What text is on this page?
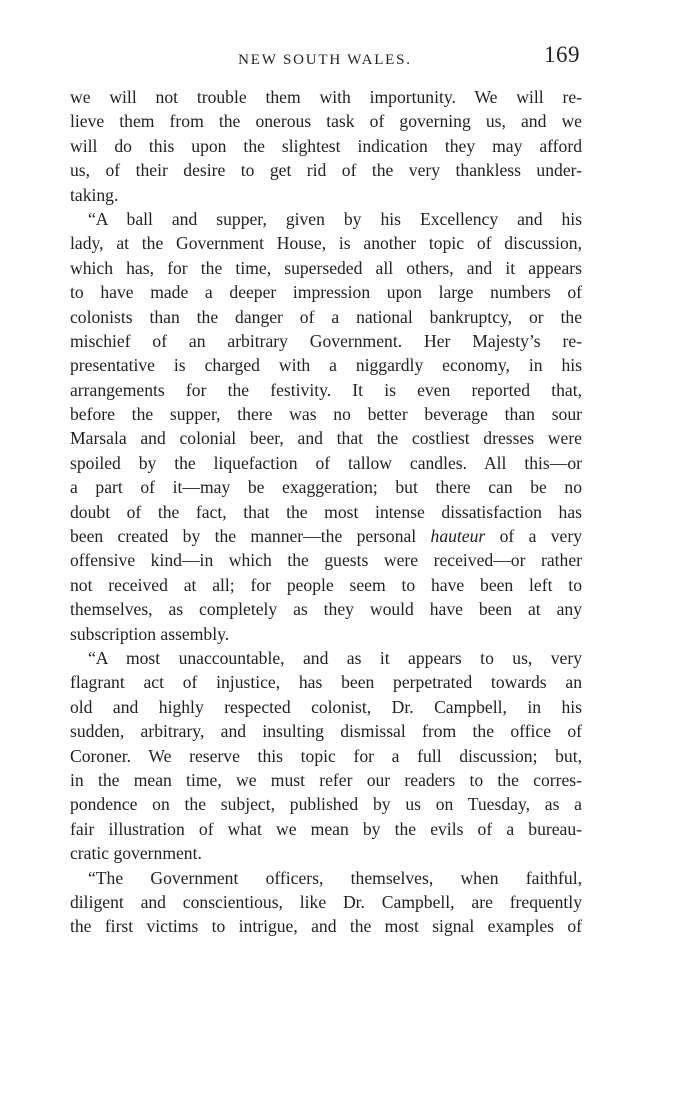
NEW SOUTH WALES.	169
we will not trouble them with importunity. We will re-
lieve them from the onerous task of governing us, and we
will do this upon the slightest indication they may afford
us, of their desire to get rid of the very thankless under-
taking.
“A ball and supper, given by his Excellency and his
lady, at the Government House, is another topic of discussion,
which has, for the time, superseded all others, and it appears
to have made a deeper impression upon large numbers of
colonists than the danger of a national bankruptcy, or the
mischief of an arbitrary Government. Her Majesty’s re-
presentative is charged with a niggardly economy, in his
arrangements for the festivity. It is even reported that,
before the supper, there was no better beverage than sour
Marsala and colonial beer, and that the costliest dresses were
spoiled by the liquefaction of tallow candles. All this—or
a part of it—may be exaggeration; but there can be no
doubt of the fact, that the most intense dissatisfaction has
been created by the manner—the personal hauteur of a very
offensive kind—in which the guests were received—or rather
not received at all; for people seem to have been left to
themselves, as completely as they would have been at any
subscription assembly.
“A most unaccountable, and as it appears to us, very
flagrant act of injustice, has been perpetrated towards an
old and highly respected colonist, Dr. Campbell, in his
sudden, arbitrary, and insulting dismissal from the office of
Coroner. We reserve this topic for a full discussion; but,
in the mean time, we must refer our readers to the corres-
pondence on the subject, published by us on Tuesday, as a
fair illustration of what we mean by the evils of a bureau-
cratic government.
“The Government officers, themselves, when faithful,
diligent and conscientious, like Dr. Campbell, are frequently
the first victims to intrigue, and the most signal examples of
